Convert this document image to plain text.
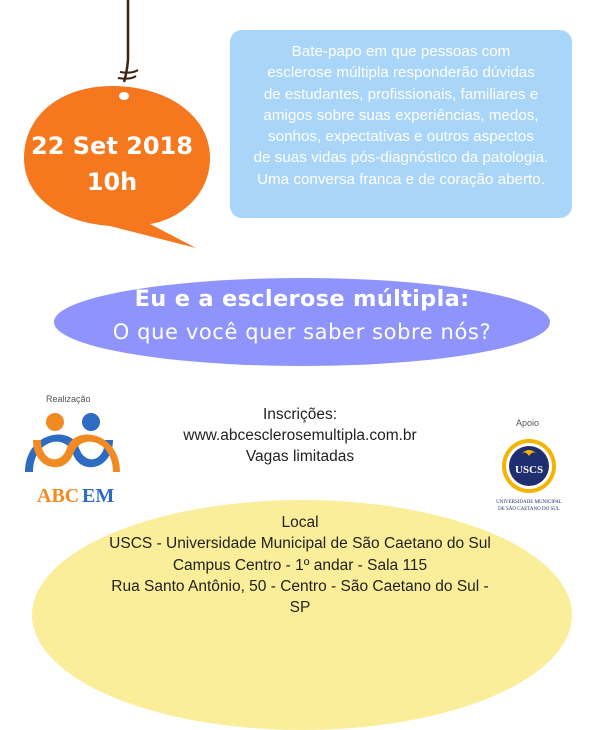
22 Set 2018
10h
Bate-papo em que pessoas com
esclerose múltipla responderão dúvidas
de estudantes, profissionais, familiares e
amigos sobre suas experiências, medos,
sonhos, expectativas e outros aspectos
de suas vidas pós-diagnóstico da patologia.
Uma conversa franca e de coração aberto.
Eu e a esclerose múltipla:
O que você quer saber sobre nós?
Inscrições:
www.abcesclerosemultipla.com.br
Vagas limitadas
Realização
ABC EM
Apoio
USCS
UNIVERSIDADE MUNICIPAL
DE SÃO CAETANO DO SUL
Local
USCS - Universidade Municipal de São Caetano do Sul
Campus Centro - 1º andar - Sala 115
Rua Santo Antônio, 50 - Centro - São Caetano do Sul - SP
